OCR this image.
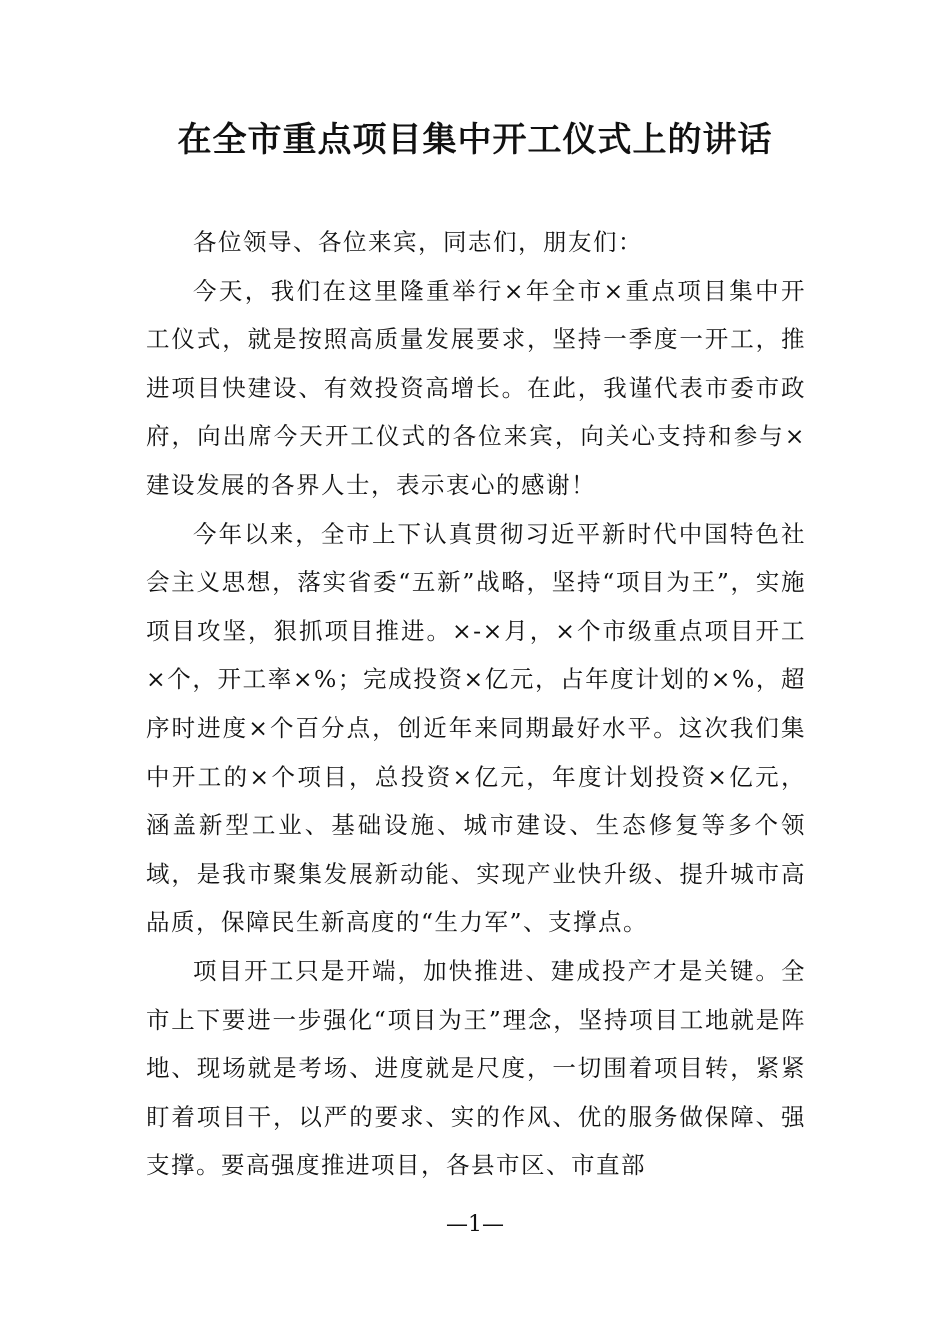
在全市重点项目集中开工仪式上的讲话

各位领导、各位来宾，同志们，朋友们：

今天，我们在这里隆重举行×年全市×重点项目集中开工仪式，就是按照高质量发展要求，坚持一季度一开工，推进项目快建设、有效投资高增长。在此，我谨代表市委市政府，向出席今天开工仪式的各位来宾，向关心支持和参与×建设发展的各界人士，表示衷心的感谢！

今年以来，全市上下认真贯彻习近平新时代中国特色社会主义思想，落实省委“五新”战略，坚持“项目为王”，实施项目攻坚，狠抓项目推进。×-×月，×个市级重点项目开工×个，开工率×%；完成投资×亿元，占年度计划的×%，超序时进度×个百分点，创近年来同期最好水平。这次我们集中开工的×个项目，总投资×亿元，年度计划投资×亿元，涵盖新型工业、基础设施、城市建设、生态修复等多个领域，是我市聚集发展新动能、实现产业快升级、提升城市高品质，保障民生新高度的“生力军”、支撑点。

项目开工只是开端，加快推进、建成投产才是关键。全市上下要进一步强化“项目为王”理念，坚持项目工地就是阵地、现场就是考场、进度就是尺度，一切围着项目转，紧紧盯着项目干，以严的要求、实的作风、优的服务做保障、强支撑。要高强度推进项目，各县市区、市直部

—1—
